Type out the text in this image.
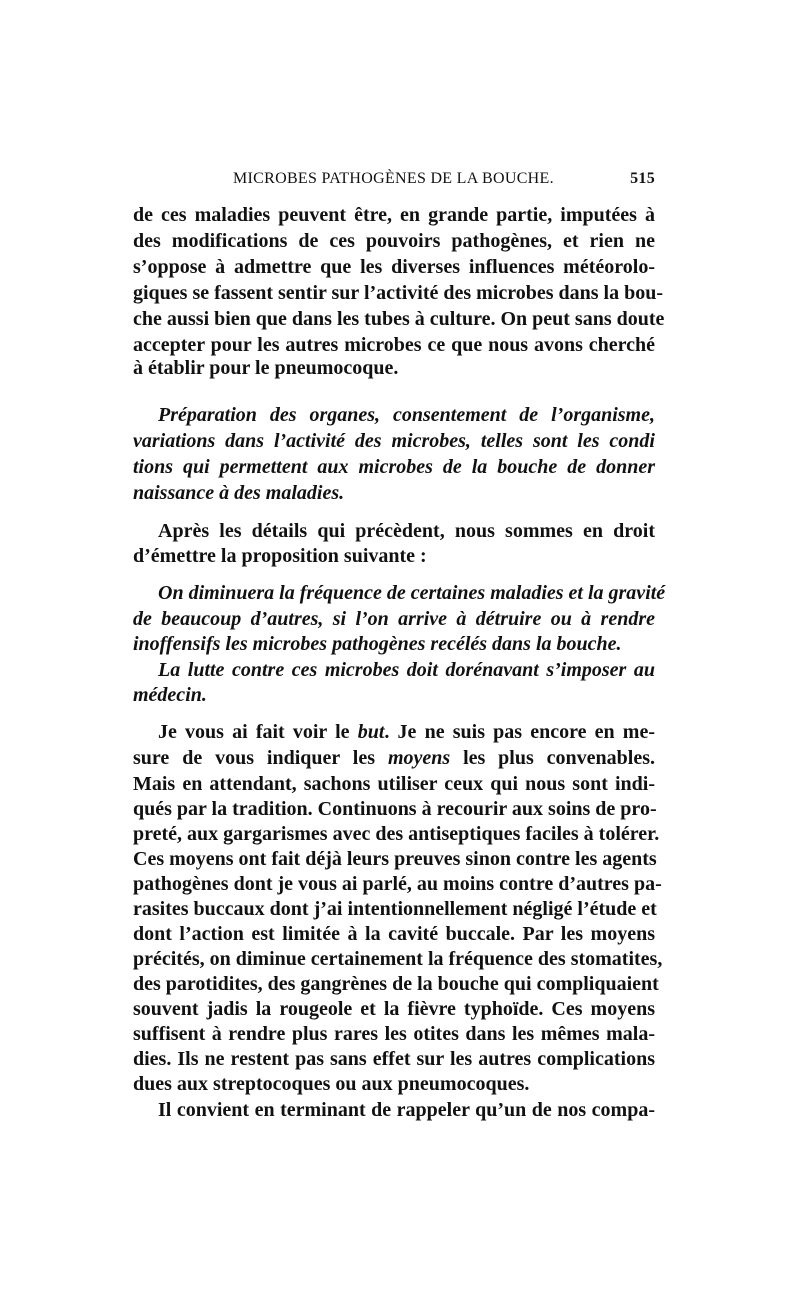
MICROBES PATHOGÈNES DE LA BOUCHE.	515
de ces maladies peuvent être, en grande partie, imputées à
des modifications de ces pouvoirs pathogènes, et rien ne
s’oppose à admettre que les diverses influences météorolo-
giques se fassent sentir sur l’activité des microbes dans la bou-
che aussi bien que dans les tubes à culture. On peut sans doute
accepter pour les autres microbes ce que nous avons cherché
à établir pour le pneumocoque.
Préparation des organes, consentement de l’organisme,
variations dans l’activité des microbes, telles sont les condi
tions qui permettent aux microbes de la bouche de donner
naissance à des maladies.
Après les détails qui précèdent, nous sommes en droit
d’émettre la proposition suivante :
On diminuera la fréquence de certaines maladies et la gravité
de beaucoup d’autres, si l’on arrive à détruire ou à rendre
inoffensifs les microbes pathogènes recélés dans la bouche.
La lutte contre ces microbes doit dorénavant s’imposer au
médecin.
Je vous ai fait voir le but. Je ne suis pas encore en me-
sure de vous indiquer les moyens les plus convenables.
Mais en attendant, sachons utiliser ceux qui nous sont indi-
qués par la tradition. Continuons à recourir aux soins de pro-
preté, aux gargarismes avec des antiseptiques faciles à tolérer.
Ces moyens ont fait déjà leurs preuves sinon contre les agents
pathogènes dont je vous ai parlé, au moins contre d’autres pa-
rasites buccaux dont j’ai intentionnellement négligé l’étude et
dont l’action est limitée à la cavité buccale. Par les moyens
précités, on diminue certainement la fréquence des stomatites,
des parotidites, des gangrènes de la bouche qui compliquaient
souvent jadis la rougeole et la fièvre typhoïde. Ces moyens
suffisent à rendre plus rares les otites dans les mêmes mala-
dies. Ils ne restent pas sans effet sur les autres complications
dues aux streptocoques ou aux pneumocoques.
Il convient en terminant de rappeler qu’un de nos compa-
